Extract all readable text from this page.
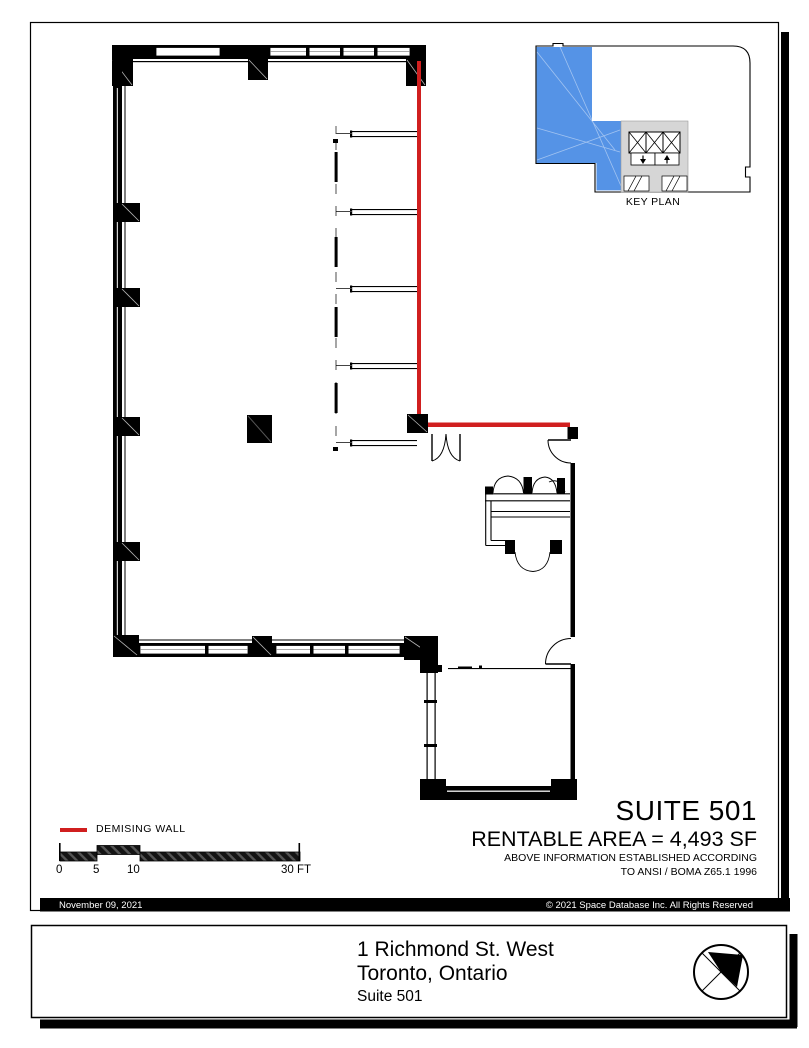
KEY PLAN
DEMISING WALL
0	5 10	30 FT
SUITE 501
RENTABLE AREA = 4,493 SF
ABOVE INFORMATION ESTABLISHED ACCORDING
TO ANSI / BOMA Z65.1 1996
November 09, 2021	© 2021 Space Database Inc. All Rights Reserved
1 Richmond St. West
Toronto, Ontario
Suite 501
